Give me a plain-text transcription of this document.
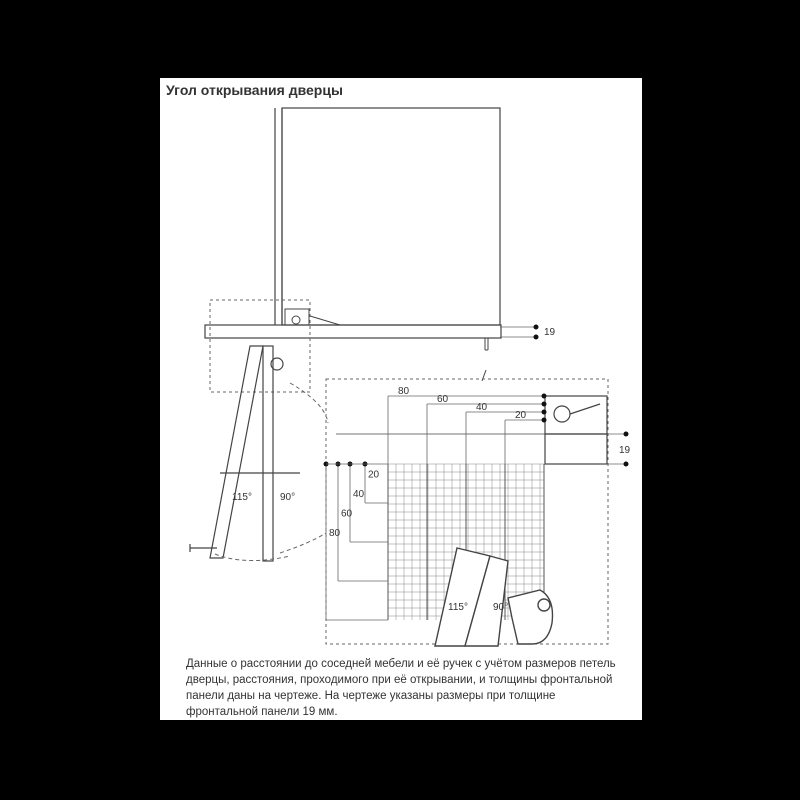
Угол открывания дверцы
19
115°	90°
19
80
60
40
20
20
40
60
80
115°	90°

Данные о расстоянии до соседней мебели и её ручек с учётом размеров петель дверцы, расстояния, проходимого при её открывании, и толщины фронтальной панели даны на чертеже. На чертеже указаны размеры при толщине фронтальной панели 19 мм.
